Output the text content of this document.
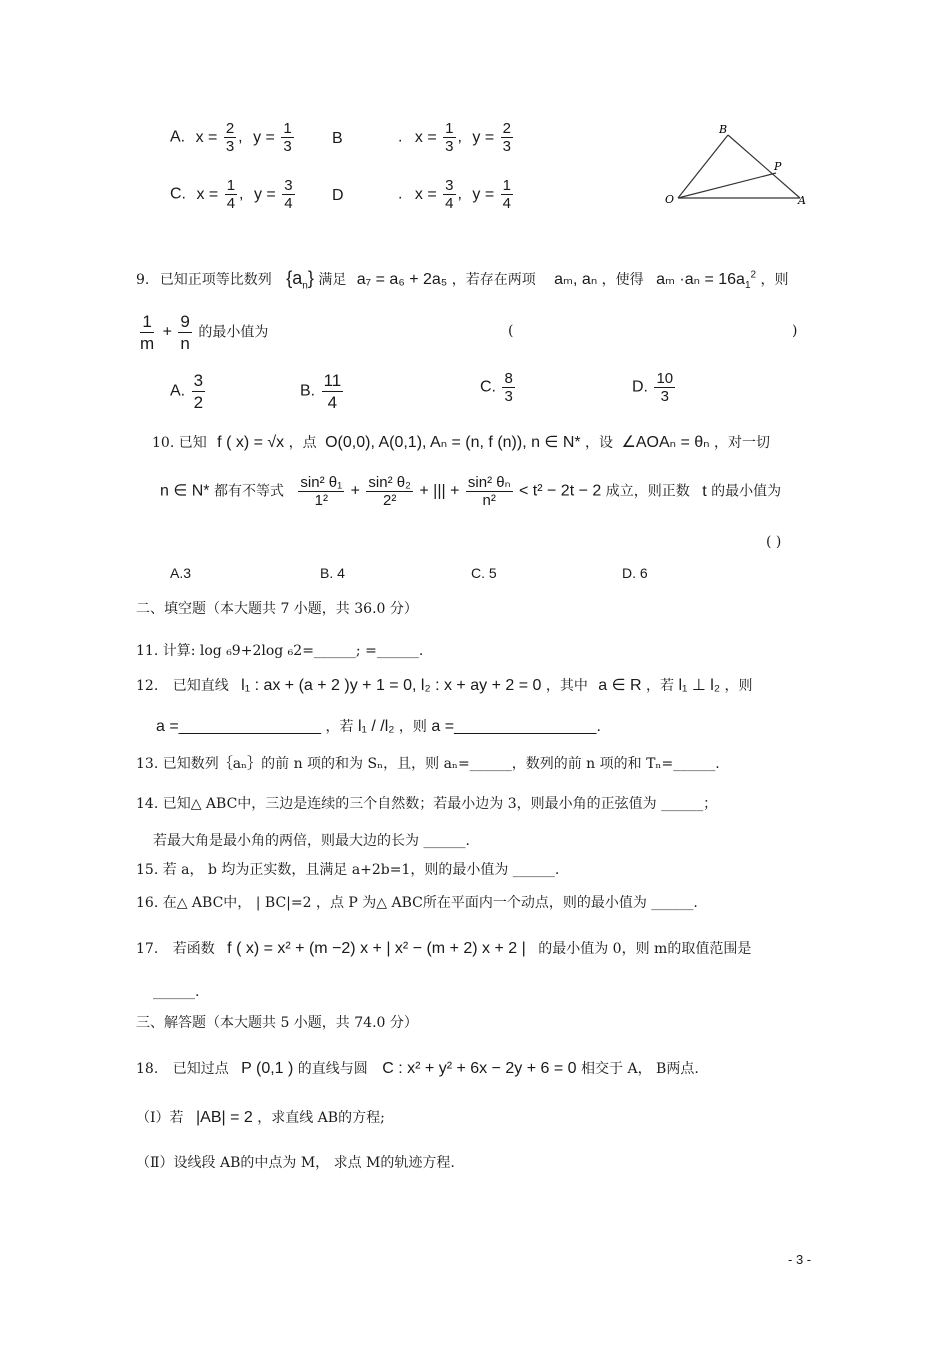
A. $x = \frac{2}{3}$ , $y = \frac{1}{3}$ B	. $x = \frac{1}{3}$ , $y = \frac{2}{3}$
C. $x = \frac{1}{4}$ , $y = \frac{3}{4}$ D	. $x = \frac{3}{4}$ , $y = \frac{1}{4}$
B
P
O	A
9. 已知正项等比数列 $\{a_n\}$ 满足 a₇ = a₆ + 2a₅ ，若存在两项 aₘ, aₙ ，使得 $a_m \cdot a_n = 16a_1^2$ ，则
$\frac{1}{m} + \frac{9}{n}$ 的最小值为	(	)
A. $\frac{3}{2}$	B. $\frac{11}{4}$	C. $\frac{8}{3}$	D. $\frac{10}{3}$
10. 已知 f ( x) = √x ，点 O(0,0), A(0,1), Aₙ = (n, f (n)), n ∈ N* ，设 ∠AOAₙ = θₙ ，对一切
n ∈ N* 都有不等式 $\frac{\text{sin² θ₁}}{\text{1²}} + \frac{\text{sin² θ₂}}{\text{2²}}$ + ||| + $\frac{\text{sin² θₙ}}{\text{n²}} < t^2 - 2t - 2$ 成立，则正数 t 的最小值为
( )
A.3	B. 4	C. 5	D. 6
二、填空题（本大题共 7 小题，共 36.0 分）
11. 计算: log ₆9+2log ₆2=______; =______.
12. 已知直线 l₁ : ax + (a + 2 )y + 1 = 0, l₂ : x + ay + 2 = 0 ，其中 a ∈ R ，若 l₁ ⊥ l₂ ，则
a =________________ ，若 l₁ / /l₂ ，则 a =________________.
13. 已知数列｛aₙ｝的前 n 项的和为 Sₙ，且，则 aₙ=______，数列的前 n 项的和 Tₙ=______.
14. 已知△ ABC中，三边是连续的三个自然数；若最小边为 3，则最小角的正弦值为 ______；
若最大角是最小角的两倍，则最大边的长为 ______.
15. 若 a， b 均为正实数，且满足 a+2b=1，则的最小值为 ______.
16. 在△ ABC中， | BC|=2 ，点 P 为△ ABC所在平面内一个动点，则的最小值为 ______.
17. 若函数 f ( x) = x² + (m −2) x + | x² − (m + 2) x + 2 | 的最小值为 0，则 m的取值范围是
______.
三、解答题（本大题共 5 小题，共 74.0 分）
18. 已知过点 P (0,1 ) 的直线与圆 C : x² + y² + 6x − 2y + 6 = 0 相交于 A， B两点.
（Ⅰ）若 |AB| = 2 ，求直线 AB的方程;
（Ⅱ）设线段 AB的中点为 M， 求点 M的轨迹方程.
- 3 -
